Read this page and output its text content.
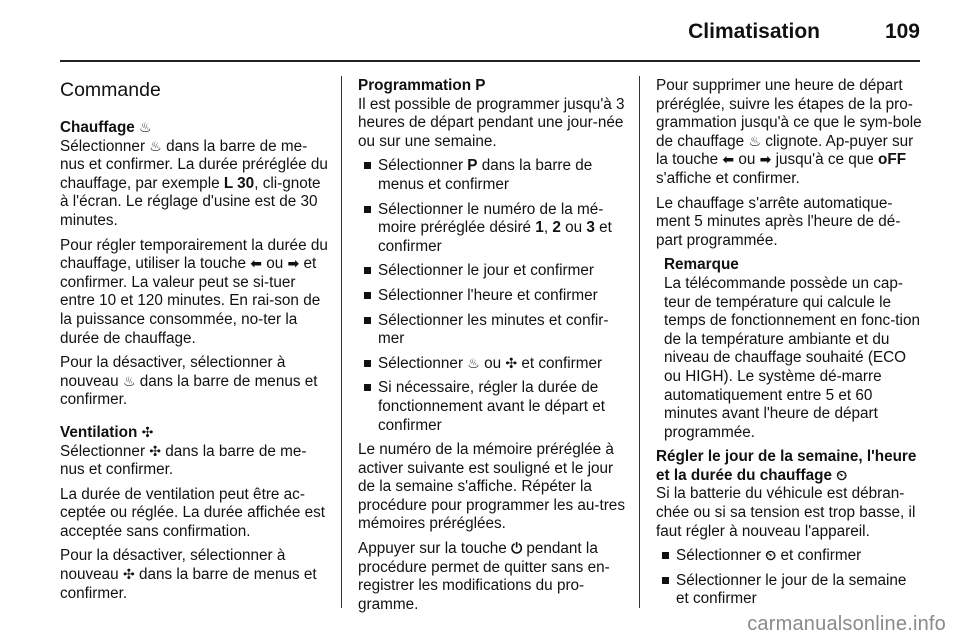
Climatisation	109
Commande
Chauffage ♨

Sélectionner ♨ dans la barre de me-nus et confirmer. La durée préréglée du chauffage, par exemple L 30, cli-gnote à l'écran. Le réglage d'usine est de 30 minutes.

Pour régler temporairement la durée du chauffage, utiliser la touche ⬅ ou ➡ et confirmer. La valeur peut se si-tuer entre 10 et 120 minutes. En rai-son de la puissance consommée, no-ter la durée de chauffage.

Pour la désactiver, sélectionner à nouveau ♨ dans la barre de menus et confirmer.

Ventilation ✣

Sélectionner ✣ dans la barre de me-nus et confirmer.

La durée de ventilation peut être ac-ceptée ou réglée. La durée affichée est acceptée sans confirmation.

Pour la désactiver, sélectionner à nouveau ✣ dans la barre de menus et confirmer.

Programmation P

Il est possible de programmer jusqu'à 3 heures de départ pendant une jour-née ou sur une semaine.

Sélectionner P dans la barre de menus et confirmer
Sélectionner le numéro de la mé-moire préréglée désiré 1, 2 ou 3 et confirmer
Sélectionner le jour et confirmer
Sélectionner l'heure et confirmer
Sélectionner les minutes et confir-mer
Sélectionner ♨ ou ✣ et confirmer
Si nécessaire, régler la durée de fonctionnement avant le départ et confirmer

Le numéro de la mémoire préréglée à activer suivante est souligné et le jour de la semaine s'affiche. Répéter la procédure pour programmer les au-tres mémoires préréglées.

Appuyer sur la touche ⏻ pendant la procédure permet de quitter sans en-registrer les modifications du pro-gramme.

Pour supprimer une heure de départ préréglée, suivre les étapes de la pro-grammation jusqu'à ce que le sym-bole de chauffage ♨ clignote. Ap-puyer sur la touche ⬅ ou ➡ jusqu'à ce que oFF s'affiche et confirmer.

Le chauffage s'arrête automatique-ment 5 minutes après l'heure de dé-part programmée.

Remarque
La télécommande possède un cap-teur de température qui calcule le temps de fonctionnement en fonc-tion de la température ambiante et du niveau de chauffage souhaité (ECO ou HIGH). Le système dé-marre automatiquement entre 5 et 60 minutes avant l'heure de départ programmée.
Régler le jour de la semaine, l'heure et la durée du chauffage ⏲

Si la batterie du véhicule est débran-chée ou si sa tension est trop basse, il faut régler à nouveau l'appareil.

Sélectionner ⏲ et confirmer
Sélectionner le jour de la semaine et confirmer
carmanualsonline.info
